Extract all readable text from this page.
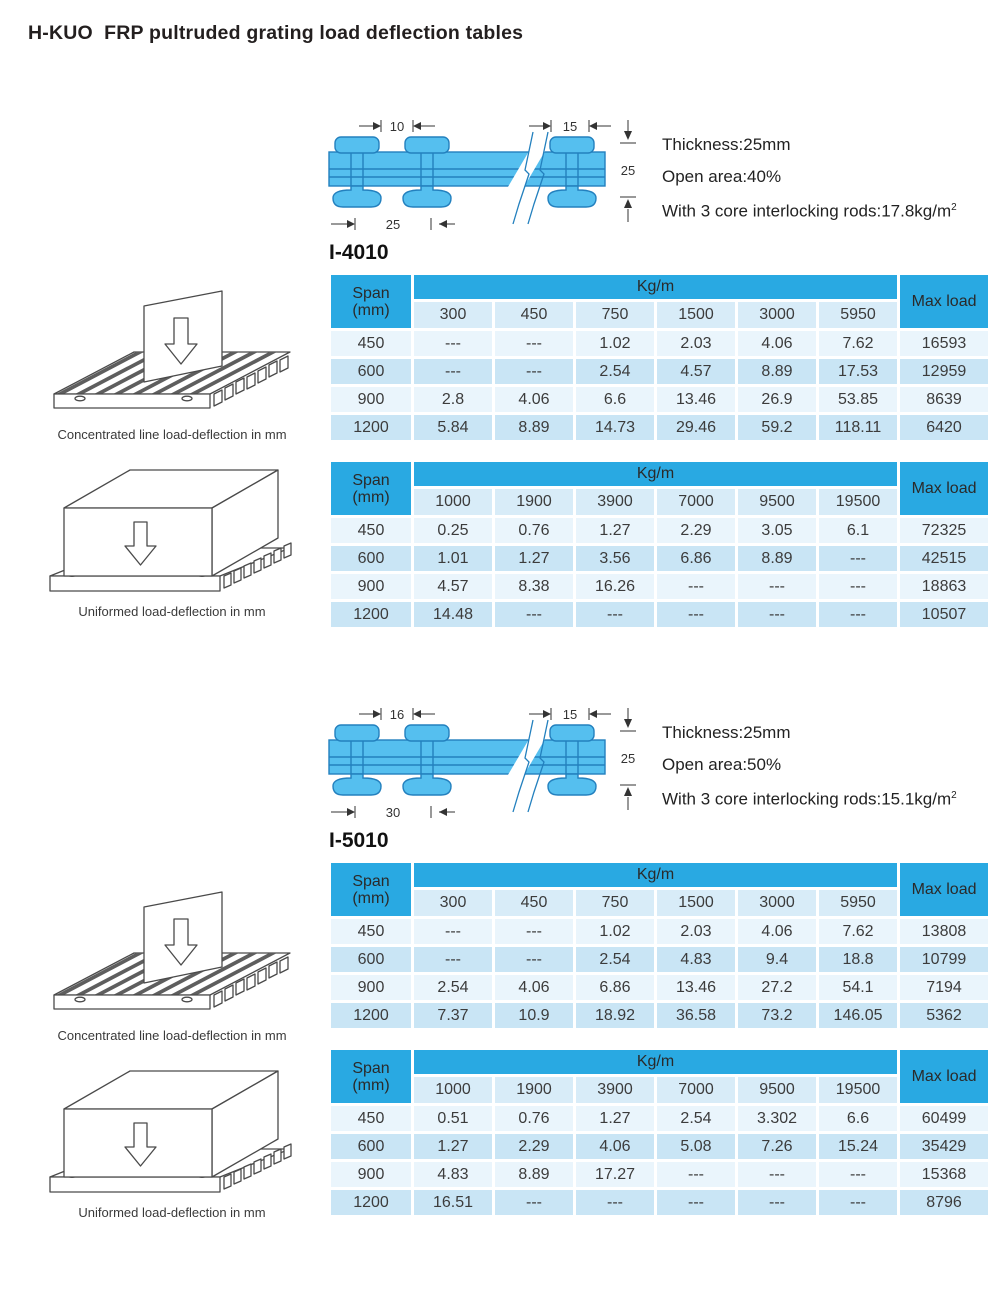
H-KUO  FRP pultruded grating load deflection tables
Concentrated line load-deflection in mm
Uniformed load-deflection in mm
10	15
25
25
Thickness:25mm
Open area:40%
With 3 core interlocking $rods:17.8kg/m^2$
I-4010
Span
(mm)	Kg/m						Max load
	300	450	750	1500	3000	5950	
450	---	---	1.02	2.03	4.06	7.62	16593
600	---	---	2.54	4.57	8.89	17.53	12959
900	2.8	4.06	6.6	13.46	26.9	53.85	8639
1200	5.84	8.89	14.73	29.46	59.2	118.11	6420
Span
(mm)	Kg/m						Max load
	1000	1900	3900	7000	9500	19500	
450	0.25	0.76	1.27	2.29	3.05	6.1	72325
600	1.01	1.27	3.56	6.86	8.89	---	42515
900	4.57	8.38	16.26	---	---	---	18863
1200	14.48	---	---	---	---	---	10507
Concentrated line load-deflection in mm
Uniformed load-deflection in mm
16	15
25
30
Thickness:25mm
Open area:50%
With 3 core interlocking $rods:15.1kg/m^2$
I-5010
Span
(mm)	Kg/m						Max load
	300	450	750	1500	3000	5950	
450	---	---	1.02	2.03	4.06	7.62	13808
600	---	---	2.54	4.83	9.4	18.8	10799
900	2.54	4.06	6.86	13.46	27.2	54.1	7194
1200	7.37	10.9	18.92	36.58	73.2	146.05	5362
Span
(mm)	Kg/m						Max load
	1000	1900	3900	7000	9500	19500	
450	0.51	0.76	1.27	2.54	3.302	6.6	60499
600	1.27	2.29	4.06	5.08	7.26	15.24	35429
900	4.83	8.89	17.27	---	---	---	15368
1200	16.51	---	---	---	---	---	8796
